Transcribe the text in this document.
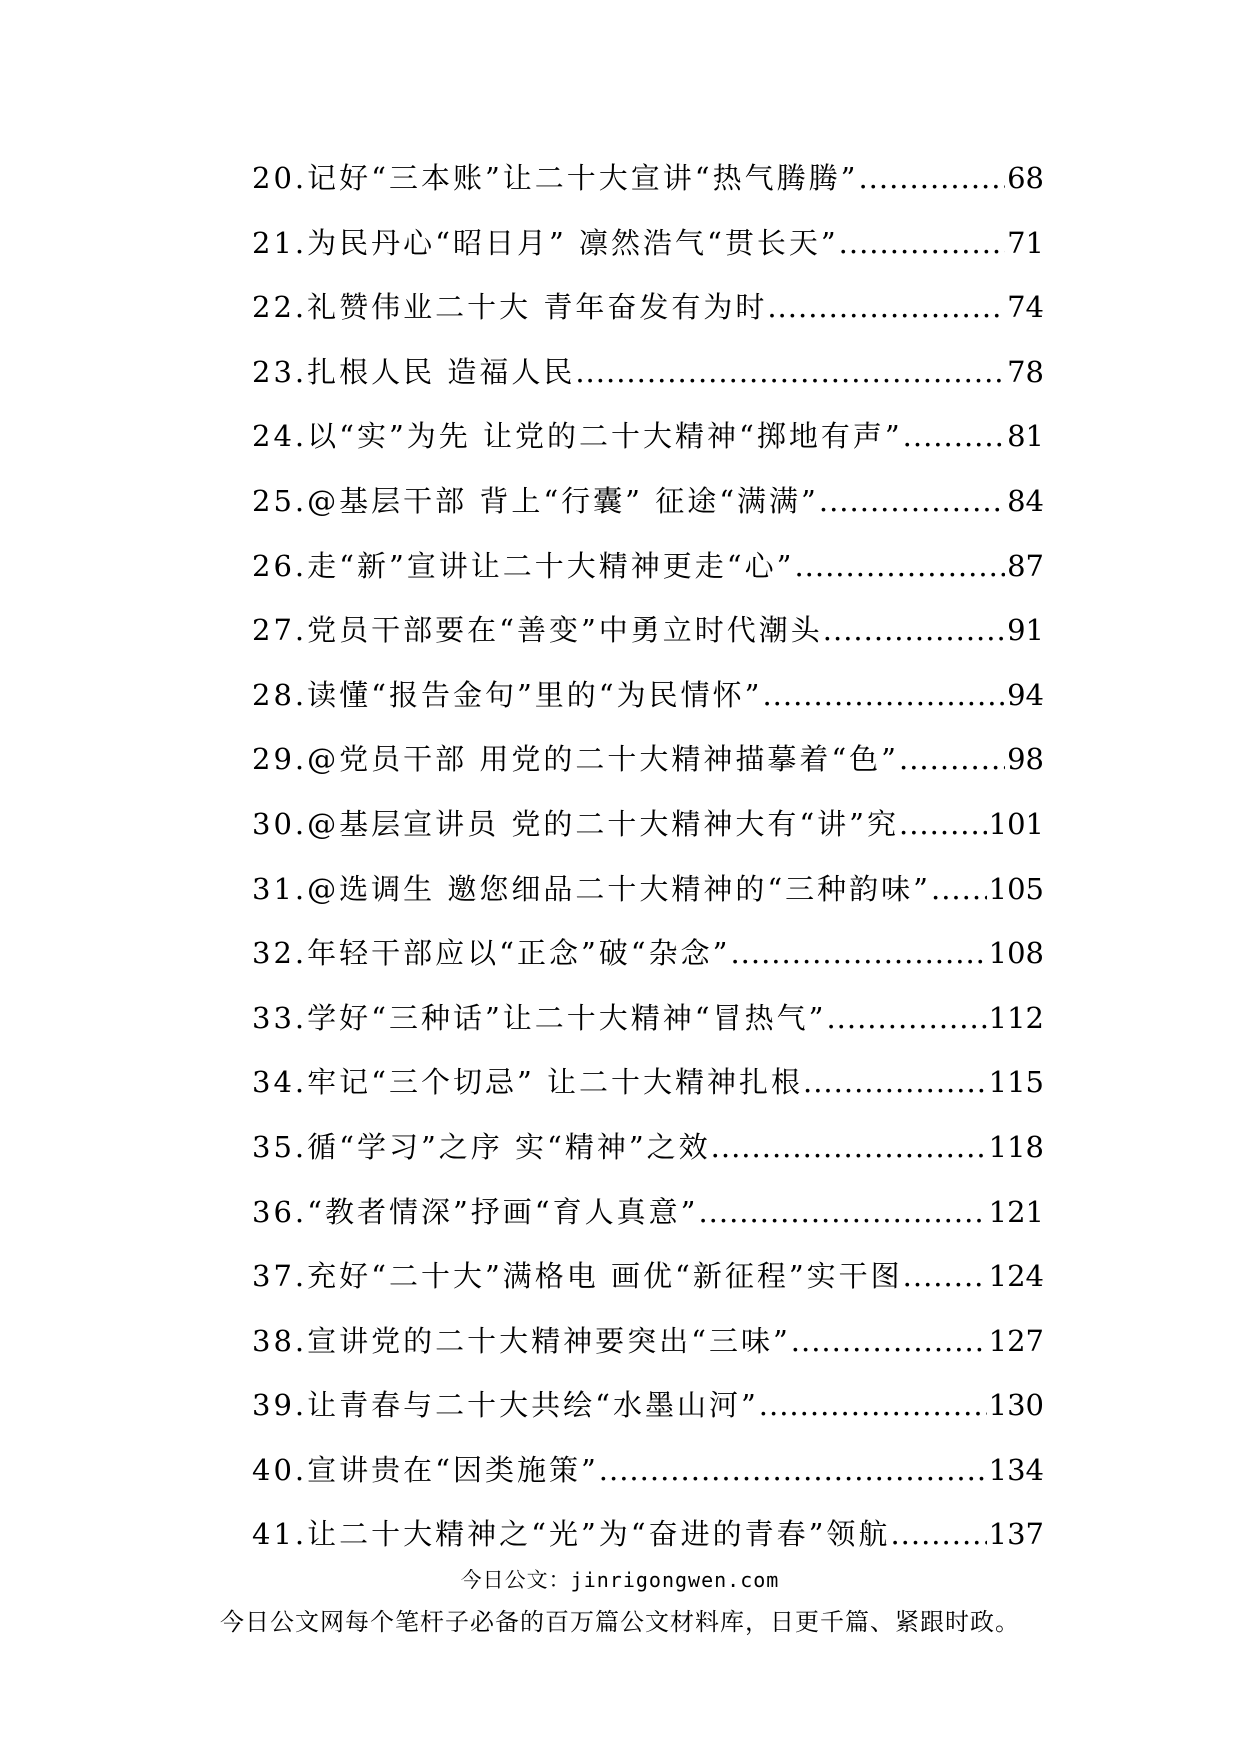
20.记好“三本账”让二十大宣讲“热气腾腾” .....	68
21.为民丹心“昭日月” 凛然浩气“贯长天” .....	71
22.礼赞伟业二十大 青年奋发有为时 .....	74
23.扎根人民 造福人民 .....	78
24.以“实”为先 让党的二十大精神“掷地有声” .....	81
25.@基层干部 背上“行囊” 征途“满满” .....	84
26.走“新”宣讲让二十大精神更走“心” .....	87
27.党员干部要在“善变”中勇立时代潮头 .....	91
28.读懂“报告金句”里的“为民情怀” .....	94
29.@党员干部 用党的二十大精神描摹着“色” .....	98
30.@基层宣讲员 党的二十大精神大有“讲”究 .....	101
31.@选调生 邀您细品二十大精神的“三种韵味” ..... 105
32.年轻干部应以“正念”破“杂念” .....	108
33.学好“三种话”让二十大精神“冒热气” .....	112
34.牢记“三个切忌” 让二十大精神扎根 .....	115
35.循“学习”之序 实“精神”之效 .....	118
36.“教者情深”抒画“育人真意” .....	121
37.充好“二十大”满格电 画优“新征程”实干图 .....	124
38.宣讲党的二十大精神要突出“三味” .....	127
39.让青春与二十大共绘“水墨山河” .....	130
40.宣讲贵在“因类施策” .....	134
41.让二十大精神之“光”为“奋进的青春”领航 .....	137
今日公文：jinrigongwen.com
今日公文网每个笔杆子必备的百万篇公文材料库，日更千篇、紧跟时政。
